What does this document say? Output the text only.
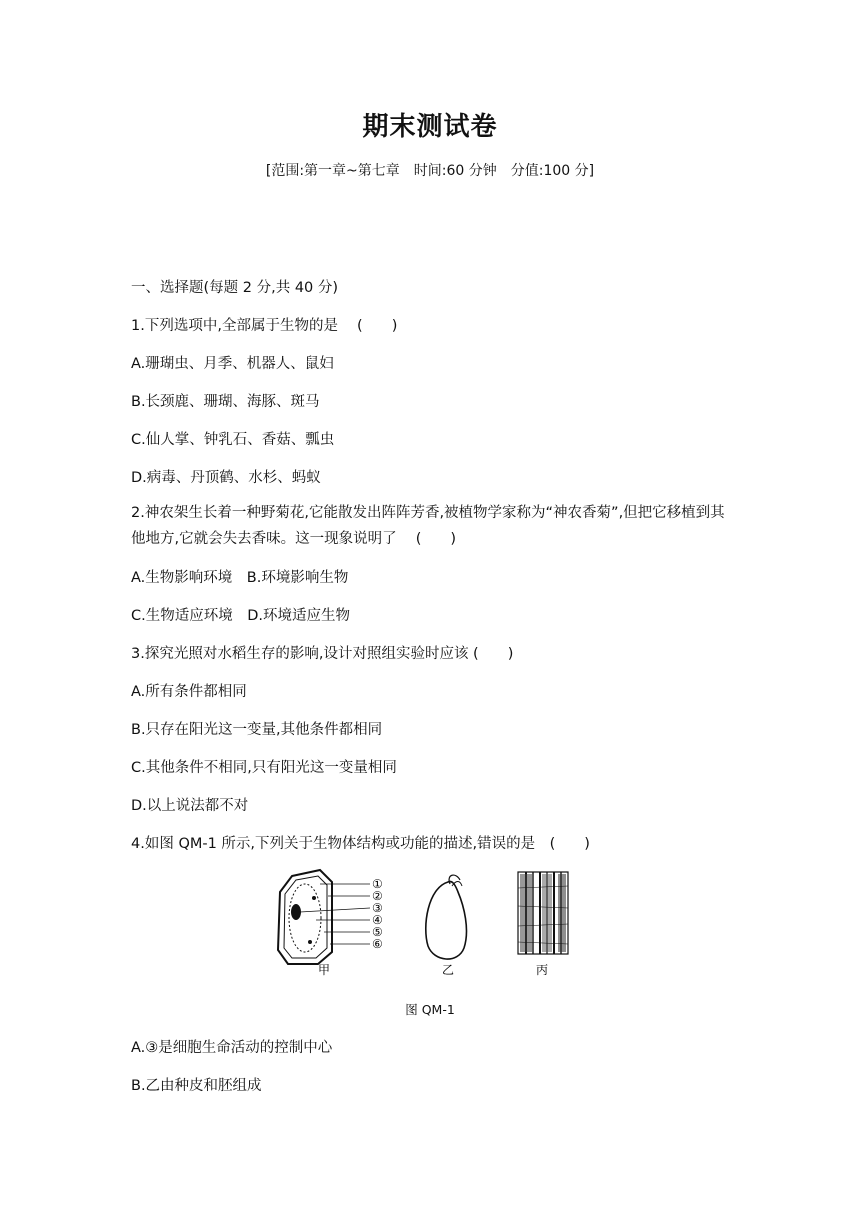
期末测试卷
[范围:第一章~第七章　时间:60 分钟　分值:100 分]
一、选择题(每题 2 分,共 40 分)
1.下列选项中,全部属于生物的是　 (　　)
A.珊瑚虫、月季、机器人、鼠妇
B.长颈鹿、珊瑚、海豚、斑马
C.仙人掌、钟乳石、香菇、瓢虫
D.病毒、丹顶鹤、水杉、蚂蚁
2.神农架生长着一种野菊花,它能散发出阵阵芳香,被植物学家称为“神农香菊”,但把它移植到其他地方,它就会失去香味。这一现象说明了　 (　　)
A.生物影响环境　B.环境影响生物
C.生物适应环境　D.环境适应生物
3.探究光照对水稻生存的影响,设计对照组实验时应该 (　　)
A.所有条件都相同
B.只存在阳光这一变量,其他条件都相同
C.其他条件不相同,只有阳光这一变量相同
D.以上说法都不对
4.如图 QM-1 所示,下列关于生物体结构或功能的描述,错误的是　(　　)
①
②
③
④
⑤
⑥
甲	乙	丙
图 QM-1
A.③是细胞生命活动的控制中心
B.乙由种皮和胚组成
